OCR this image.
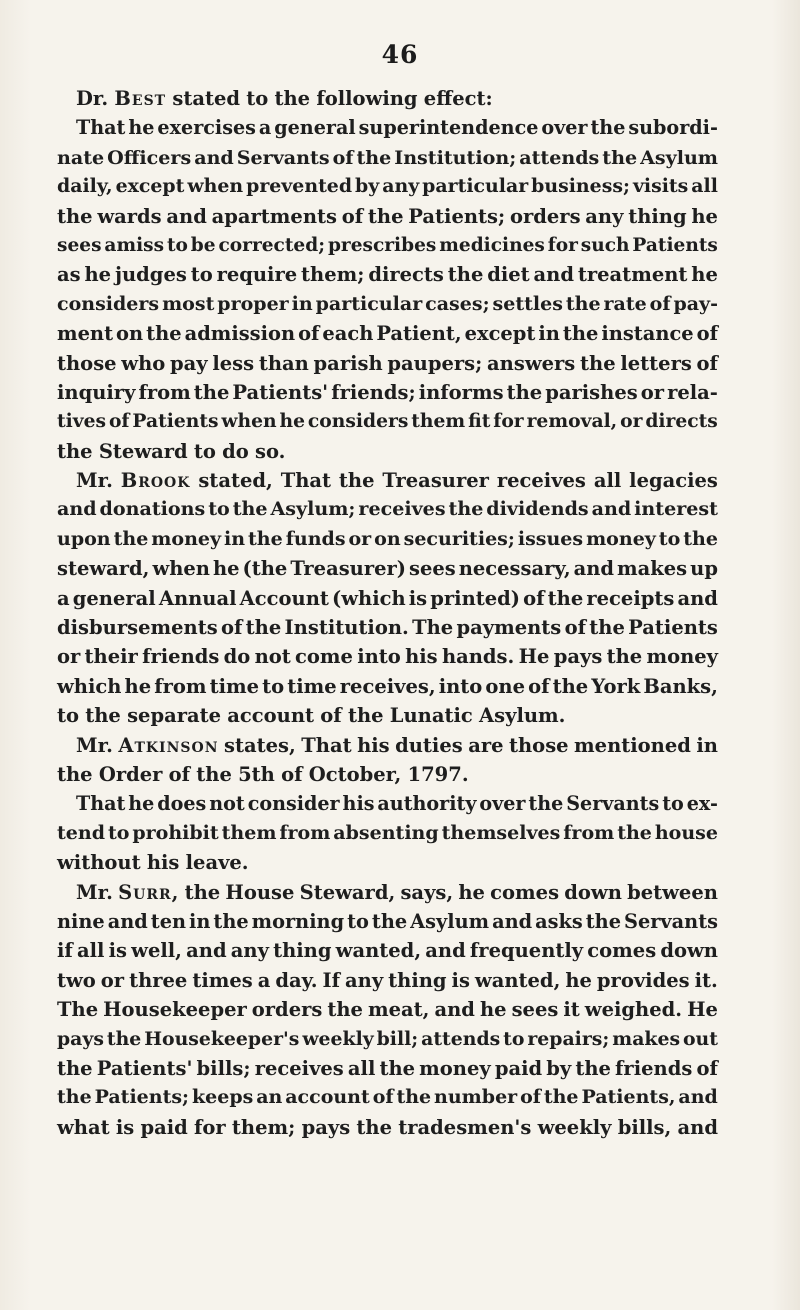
46
Dr. Best stated to the following effect:
That he exercises a general superintendence over the subordi-
nate Officers and Servants of the Institution; attends the Asylum
daily, except when prevented by any particular business; visits all
the wards and apartments of the Patients; orders any thing he
sees amiss to be corrected; prescribes medicines for such Patients
as he judges to require them; directs the diet and treatment he
considers most proper in particular cases; settles the rate of pay-
ment on the admission of each Patient, except in the instance of
those who pay less than parish paupers; answers the letters of
inquiry from the Patients' friends; informs the parishes or rela-
tives of Patients when he considers them fit for removal, or directs
the Steward to do so.
Mr. Brook stated, That the Treasurer receives all legacies
and donations to the Asylum; receives the dividends and interest
upon the money in the funds or on securities; issues money to the
steward, when he (the Treasurer) sees necessary, and makes up
a general Annual Account (which is printed) of the receipts and
disbursements of the Institution. The payments of the Patients
or their friends do not come into his hands. He pays the money
which he from time to time receives, into one of the York Banks,
to the separate account of the Lunatic Asylum.
Mr. Atkinson states, That his duties are those mentioned in
the Order of the 5th of October, 1797.
That he does not consider his authority over the Servants to ex-
tend to prohibit them from absenting themselves from the house
without his leave.
Mr. Surr, the House Steward, says, he comes down between
nine and ten in the morning to the Asylum and asks the Servants
if all is well, and any thing wanted, and frequently comes down
two or three times a day. If any thing is wanted, he provides it.
The Housekeeper orders the meat, and he sees it weighed. He
pays the Housekeeper's weekly bill; attends to repairs; makes out
the Patients' bills; receives all the money paid by the friends of
the Patients; keeps an account of the number of the Patients, and
what is paid for them; pays the tradesmen's weekly bills, and
